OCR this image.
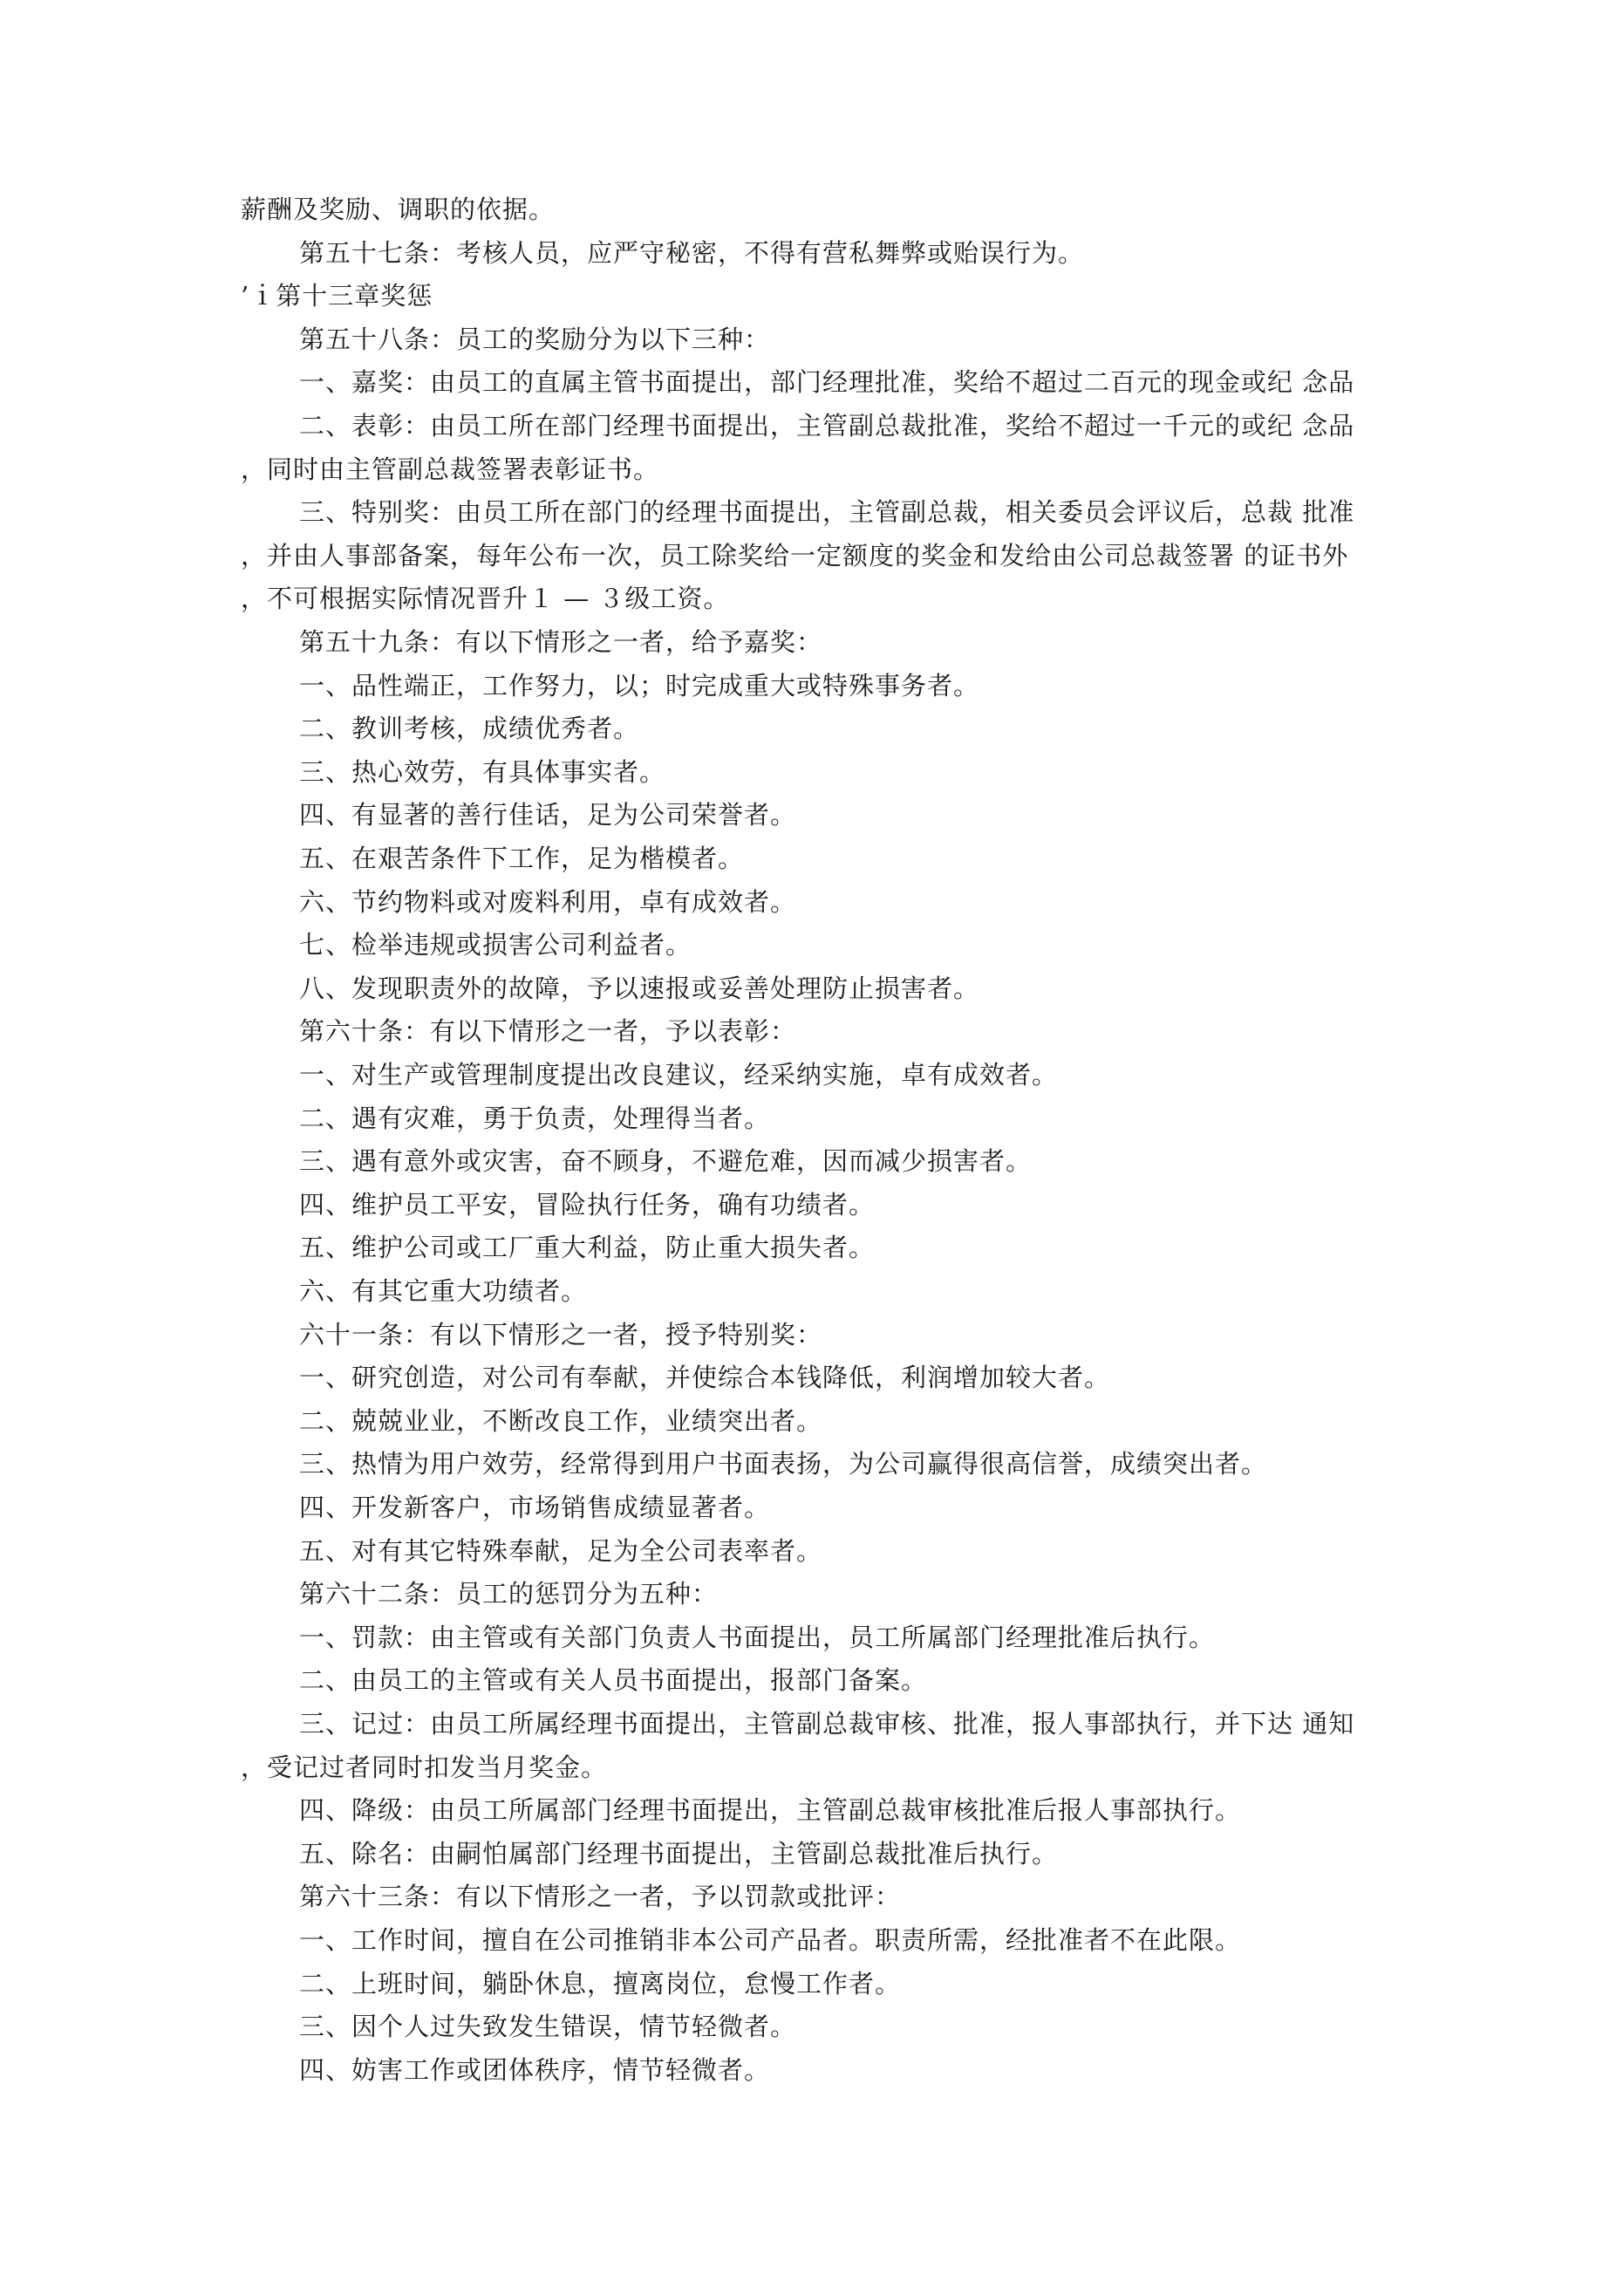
薪酬及奖励、调职的依据。
第五十七条：考核人员，应严守秘密，不得有营私舞弊或贻误行为。
’ｉ第十三章奖惩
第五十八条：员工的奖励分为以下三种：
一、嘉奖：由员工的直属主管书面提出，部门经理批准，奖给不超过二百元的现金或纪 念品
二、表彰：由员工所在部门经理书面提出，主管副总裁批准，奖给不超过一千元的或纪 念品
，同时由主管副总裁签署表彰证书。
三、特别奖：由员工所在部门的经理书面提出，主管副总裁，相关委员会评议后，总裁 批准
，并由人事部备案，每年公布一次，员工除奖给一定额度的奖金和发给由公司总裁签署 的证书外
，不可根据实际情况晋升１ — ３级工资。
第五十九条：有以下情形之一者，给予嘉奖：
一、品性端正，工作努力，以；时完成重大或特殊事务者。
二、教训考核，成绩优秀者。
三、热心效劳，有具体事实者。
四、有显著的善行佳话，足为公司荣誉者。
五、在艰苦条件下工作，足为楷模者。
六、节约物料或对废料利用，卓有成效者。
七、检举违规或损害公司利益者。
八、发现职责外的故障，予以速报或妥善处理防止损害者。
第六十条：有以下情形之一者，予以表彰：
一、对生产或管理制度提出改良建议，经采纳实施，卓有成效者。
二、遇有灾难，勇于负责，处理得当者。
三、遇有意外或灾害，奋不顾身，不避危难，因而减少损害者。
四、维护员工平安，冒险执行任务，确有功绩者。
五、维护公司或工厂重大利益，防止重大损失者。
六、有其它重大功绩者。
六十一条：有以下情形之一者，授予特别奖：
一、研究创造，对公司有奉献，并使综合本钱降低，利润增加较大者。
二、兢兢业业，不断改良工作，业绩突出者。
三、热情为用户效劳，经常得到用户书面表扬，为公司赢得很高信誉，成绩突出者。
四、开发新客户，市场销售成绩显著者。
五、对有其它特殊奉献，足为全公司表率者。
第六十二条：员工的惩罚分为五种：
一、罚款：由主管或有关部门负责人书面提出，员工所属部门经理批准后执行。
二、由员工的主管或有关人员书面提出，报部门备案。
三、记过：由员工所属经理书面提出，主管副总裁审核、批准，报人事部执行，并下达 通知
，受记过者同时扣发当月奖金。
四、降级：由员工所属部门经理书面提出，主管副总裁审核批准后报人事部执行。
五、除名：由嗣怕属部门经理书面提出，主管副总裁批准后执行。
第六十三条：有以下情形之一者，予以罚款或批评：
一、工作时间，擅自在公司推销非本公司产品者。职责所需，经批准者不在此限。
二、上班时间，躺卧休息，擅离岗位，怠慢工作者。
三、因个人过失致发生错误，情节轻微者。
四、妨害工作或团体秩序，情节轻微者。
